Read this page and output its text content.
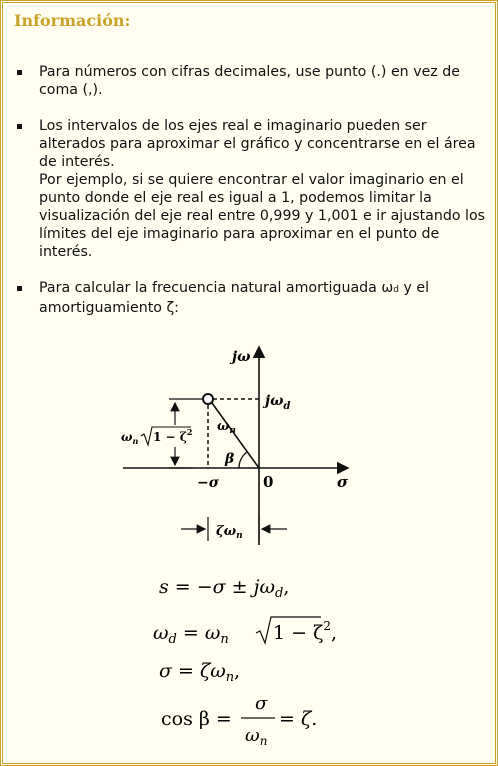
Información:

Para números con cifras decimales, use punto (.) en vez de coma (,).

Los intervalos de los ejes real e imaginario pueden ser alterados para aproximar el gráfico y concentrarse en el área de interés.

Por ejemplo, si se quiere encontrar el valor imaginario en el punto donde el eje real es igual a 1, podemos limitar la visualización del eje real entre 0,999 y 1,001 e ir ajustando los límites del eje imaginario para aproximar en el punto de interés.

Para calcular la frecuencia natural amortiguada ωd y el amortiguamiento ζ:

jω
σ
0
−σ
β
$\omega_n$
$j\omega_d$
$\omega_n$ $1 - \zeta^2$
$\zeta\omega_n$
$s = -\sigma \pm j\omega_d$,
$\omega_d = \omega_n$ $1 - \zeta^2$,
$\sigma = \zeta\omega_n$,
cos β =
σ
$\omega_n$
= ζ.
